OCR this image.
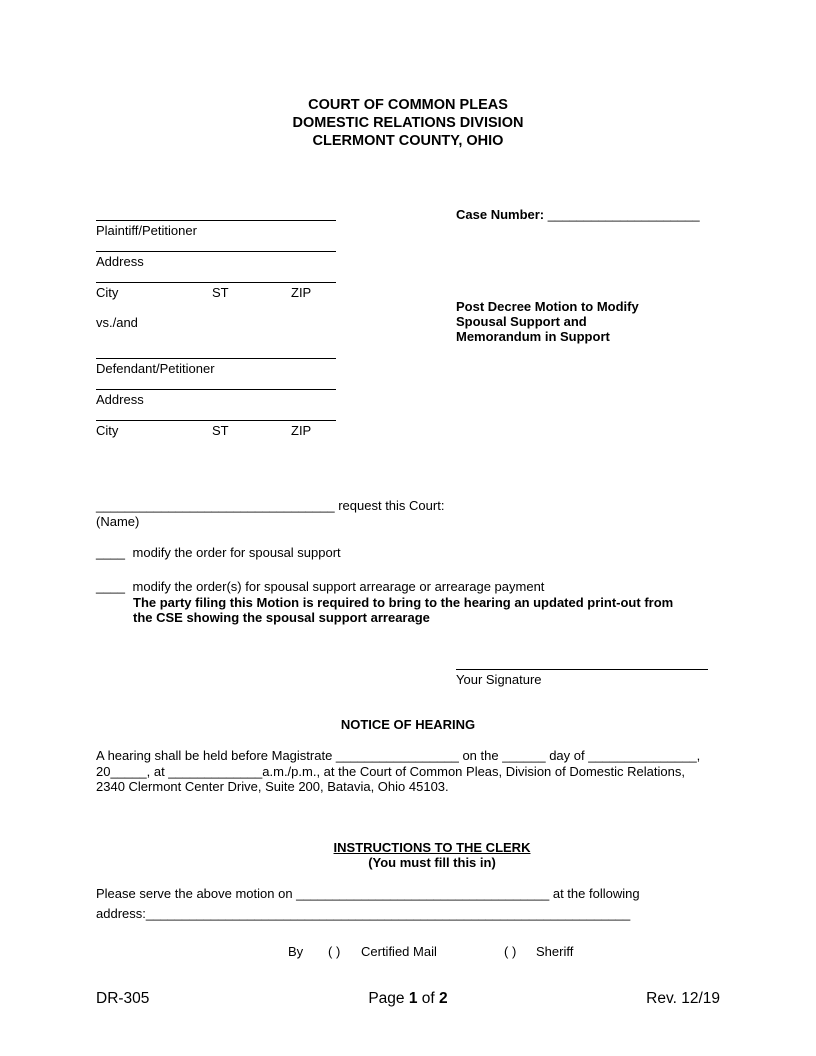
COURT OF COMMON PLEAS
DOMESTIC RELATIONS DIVISION
CLERMONT COUNTY, OHIO
Plaintiff/Petitioner
Address
City	ST	ZIP
vs./and
Defendant/Petitioner
Address
City	ST	ZIP
Case Number: _____________________
Post Decree Motion to Modify
Spousal Support and
Memorandum in Support
_________________________________ request this Court:
(Name)
____ modify the order for spousal support
____ modify the order(s) for spousal support arrearage or arrearage payment
The party filing this Motion is required to bring to the hearing an updated print-out from
the CSE showing the spousal support arrearage
Your Signature
NOTICE OF HEARING
A hearing shall be held before Magistrate _________________ on the ______ day of _______________,
20_____, at _____________a.m./p.m., at the Court of Common Pleas, Division of Domestic Relations,
2340 Clermont Center Drive, Suite 200, Batavia, Ohio 45103.
INSTRUCTIONS TO THE CLERK
(You must fill this in)
Please serve the above motion on ___________________________________ at the following
address:___________________________________________________________________
By ( ) Certified Mail	( ) Sheriff
DR-305	Page 1 of 2	Rev. 12/19
